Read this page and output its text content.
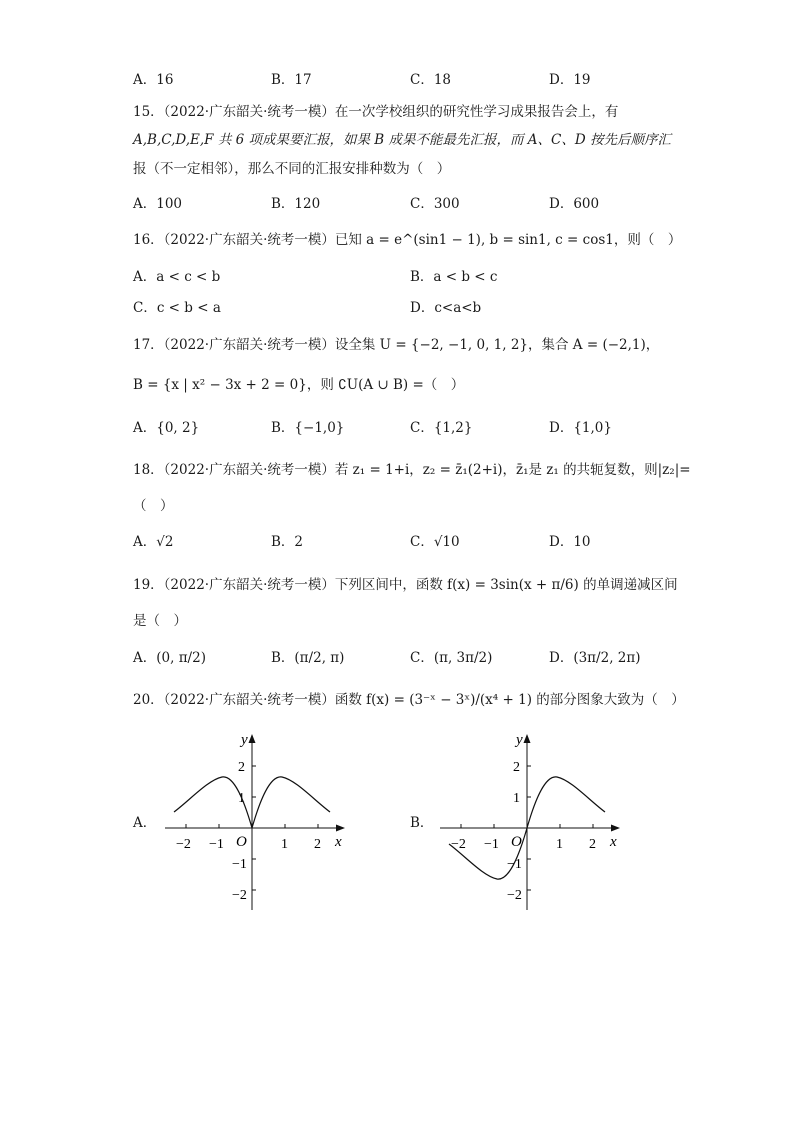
A．16	B．17	C．18	D．19
15．（2022·广东韶关·统考一模）在一次学校组织的研究性学习成果报告会上，有
A,B,C,D,E,F 共 6 项成果要汇报，如果 B 成果不能最先汇报，而 A、C、D 按先后顺序汇
报（不一定相邻），那么不同的汇报安排种数为（　）
A．100	B．120	C．300	D．600
16．（2022·广东韶关·统考一模）已知 a = e^(sin1 − 1), b = sin1, c = cos1，则（　）
A．a < c < b	B．a < b < c
C．c < b < a	D．c<a<b
17．（2022·广东韶关·统考一模）设全集 U = {−2, −1, 0, 1, 2}，集合 A = (−2,1)，
B = {x | x² − 3x + 2 = 0}，则 ∁U(A ∪ B) =（　）
A．{0, 2}	B．{−1,0}	C．{1,2}	D．{1,0}
18．（2022·广东韶关·统考一模）若 z₁ = 1+i，z₂ = z̄₁(2+i)，z̄₁是 z₁ 的共轭复数，则|z₂|=
（　）
A．√2	B．2	C．√10	D．10
19．（2022·广东韶关·统考一模）下列区间中，函数 f(x) = 3sin(x + π/6) 的单调递减区间
是（　）
A．(0, π/2)	B．(π/2, π)	C．(π, 3π/2)	D．(3π/2, 2π)
20．（2022·广东韶关·统考一模）函数 f(x) = (3⁻ˣ − 3ˣ)/(x⁴ + 1) 的部分图象大致为（　）
A．	B．
y
x
O
−2 −1	1 2
2
1
−1
−2
y
x
O
−2 −1	1 2
2
1
−1
−2
